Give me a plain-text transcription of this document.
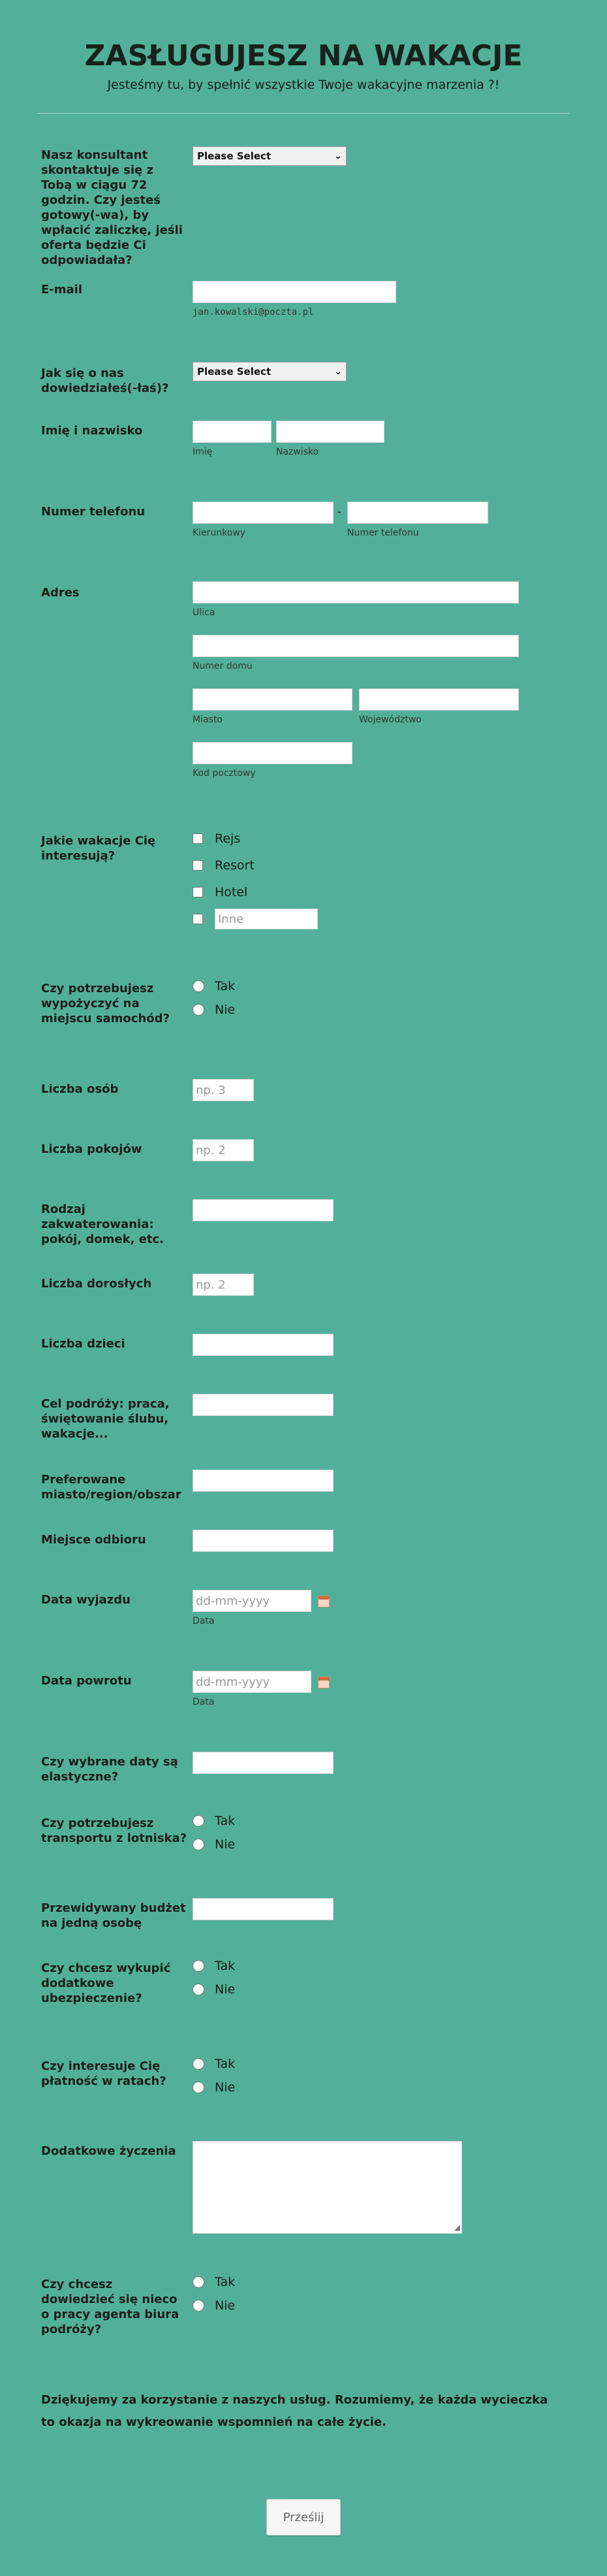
ZASŁUGUJESZ NA WAKACJE
Jesteśmy tu, by spełnić wszystkie Twoje wakacyjne marzenia ?!
Nasz konsultant skontaktuje się z Tobą w ciągu 72 godzin. Czy jesteś gotowy(-wa), by wpłacić zaliczkę, jeśli oferta będzie Ci odpowiadała?
Please Select	⌄
E-mail
jan.kowalski@poczta.pl
Jak się o nas dowiedziałeś(-łaś)?
Please Select	⌄
Imię i nazwisko
Imię	Nazwisko
Numer telefonu
Kierunkowy
-
Numer telefonu
Adres
Ulica
Numer domu
Miasto	Województwo
Kod pocztowy
Jakie wakacje Cię interesują?
Rejs
Resort
Hotel
Inne
Czy potrzebujesz wypożyczyć na miejscu samochód?
Tak
Nie
Liczba osób
np. 3
Liczba pokojów
np. 2
Rodzaj zakwaterowania: pokój, domek, etc.
Liczba dorosłych
np. 2
Liczba dzieci
Cel podróży: praca, świętowanie ślubu, wakacje...
Preferowane miasto/region/obszar
Miejsce odbioru
Data wyjazdu
dd-mm-yyyy
Data
Data powrotu
dd-mm-yyyy
Data
Czy wybrane daty są elastyczne?
Czy potrzebujesz transportu z lotniska?
Tak
Nie
Przewidywany budżet na jedną osobę
Czy chcesz wykupić dodatkowe ubezpieczenie?
Tak
Nie
Czy interesuje Cię płatność w ratach?
Tak
Nie
Dodatkowe życzenia
◢
Czy chcesz dowiedzieć się nieco o pracy agenta biura podróży?
Tak
Nie
Dziękujemy za korzystanie z naszych usług. Rozumiemy, że każda wycieczka to okazja na wykreowanie wspomnień na całe życie.
Prześlij
